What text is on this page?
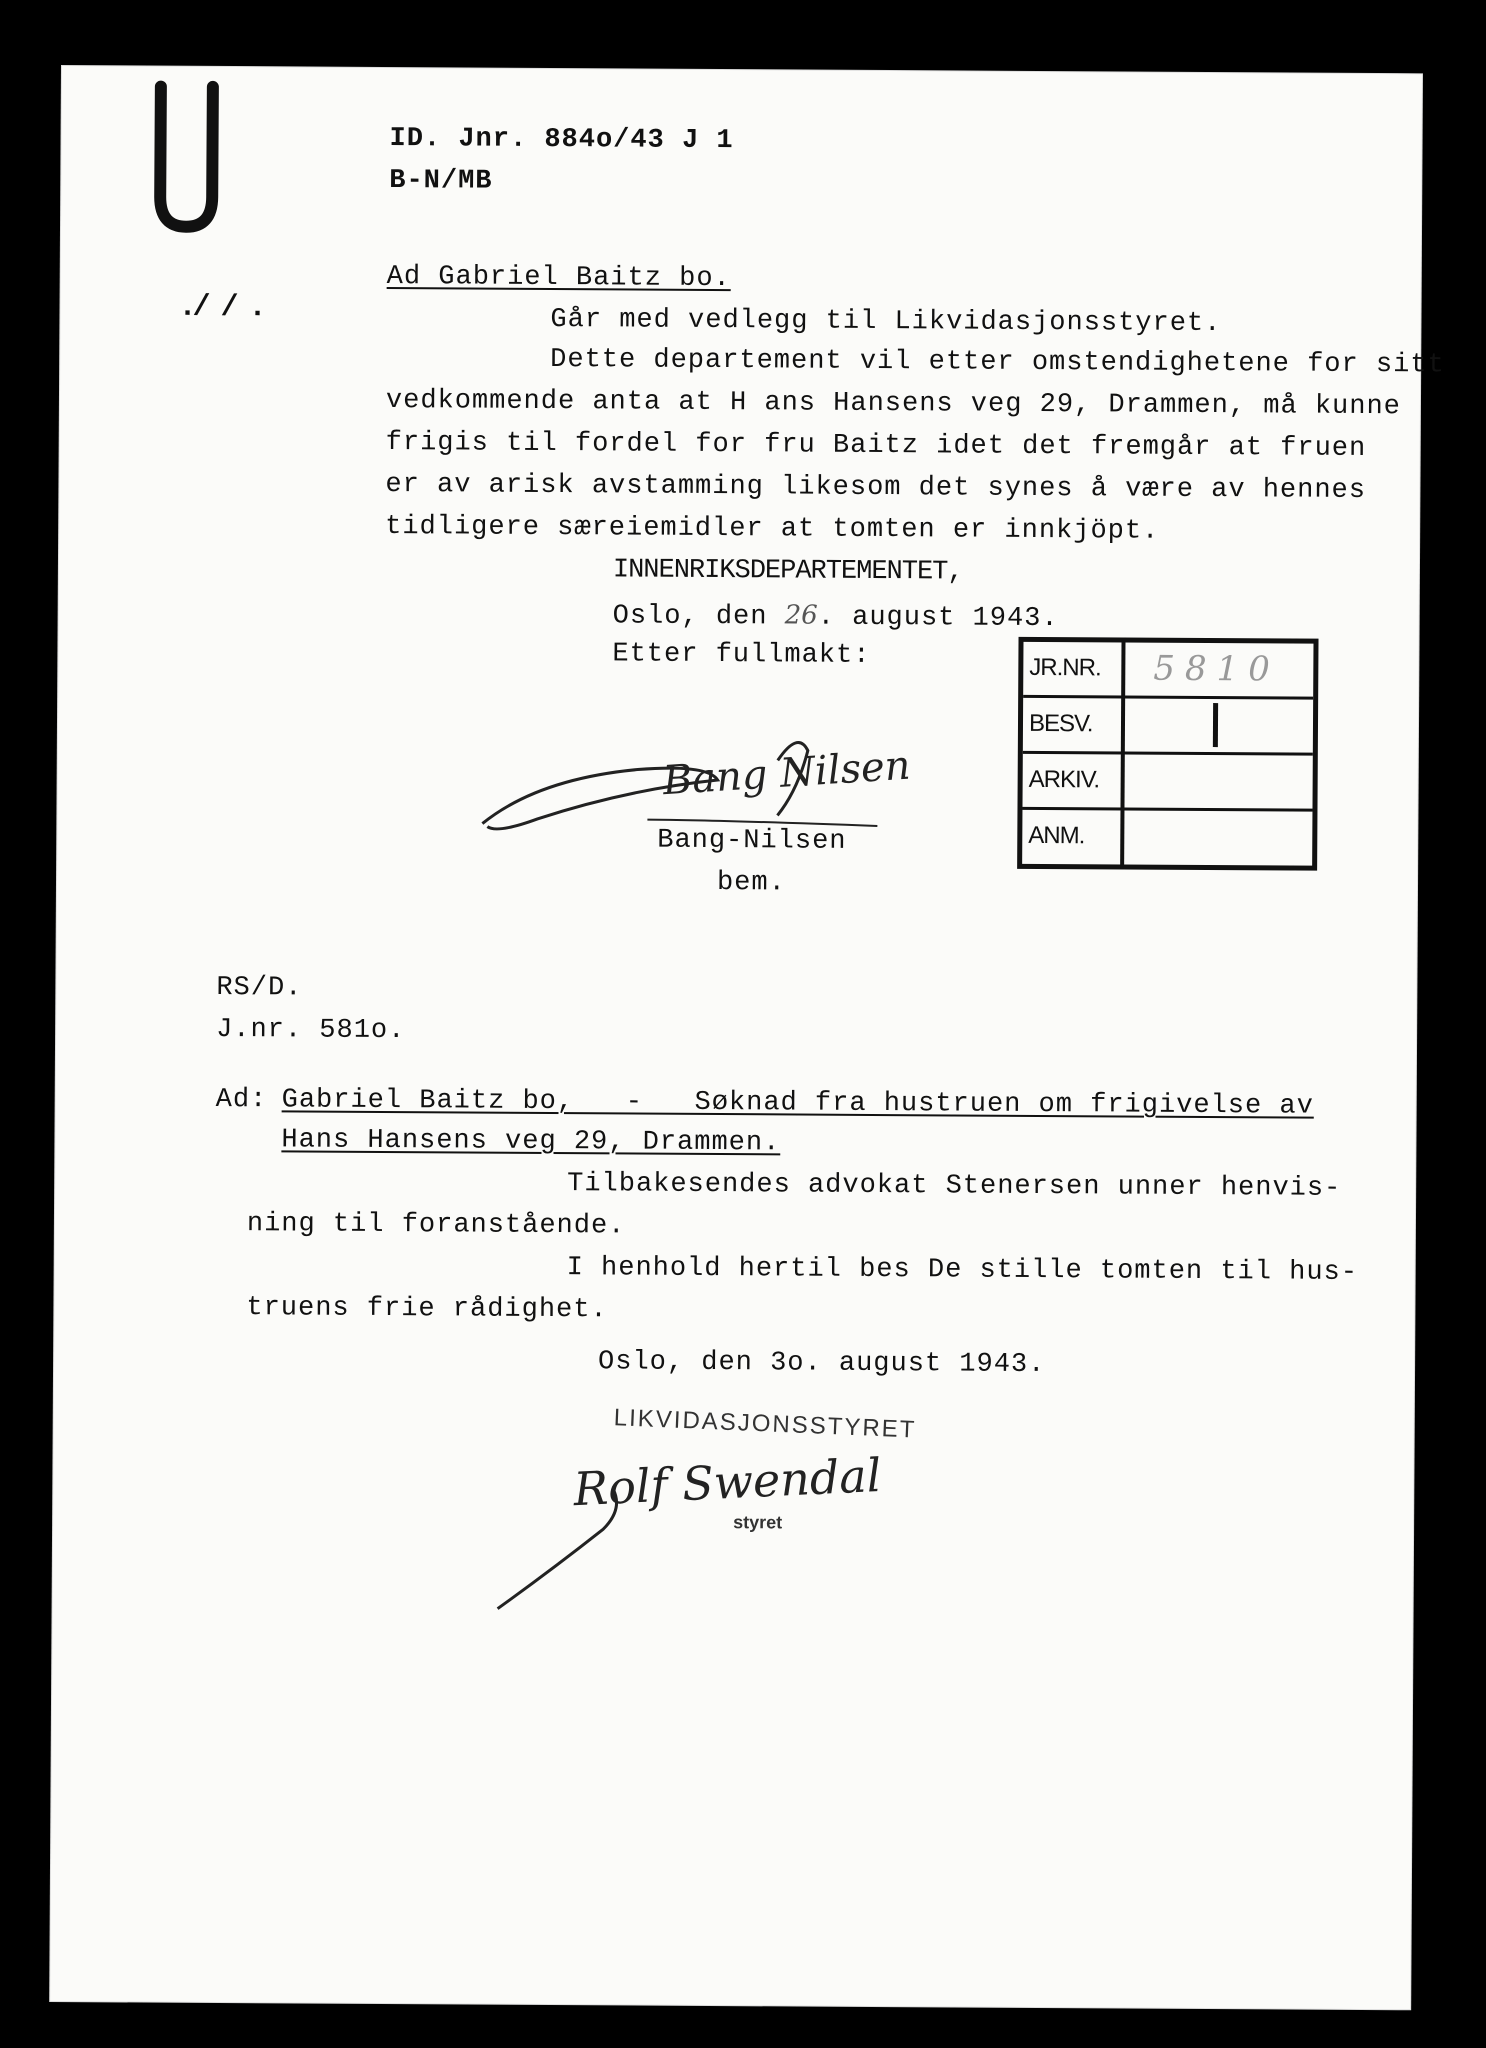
ID. Jnr. 884o/43 J 1
B-N/MB
./ / .
Ad Gabriel Baitz bo.
Går med vedlegg til Likvidasjonsstyret.
Dette departement vil etter omstendighetene for sitt
vedkommende anta at H ans Hansens veg 29, Drammen, må kunne
frigis til fordel for fru Baitz idet det fremgår at fruen
er av arisk avstamming likesom det synes å være av hennes
tidligere særeiemidler at tomten er innkjöpt.
INNENRIKSDEPARTEMENTET,
Oslo, den 26. august 1943.
Etter fullmakt:
Bang Nilsen
Bang-Nilsen
bem.
JR.NR. 5810
BESV.
ARKIV.
ANM.
RS/D.
J.nr. 581o.
Ad:
Gabriel Baitz bo,   -   Søknad fra hustruen om frigivelse av
Hans Hansens veg 29, Drammen.
Tilbakesendes advokat Stenersen unner henvis-
ning til foranstående.
I henhold hertil bes De stille tomten til hus-
truens frie rådighet.
Oslo, den 3o. august 1943.
LIKVIDASJONSSTYRET
Rolf Swendal
styret
